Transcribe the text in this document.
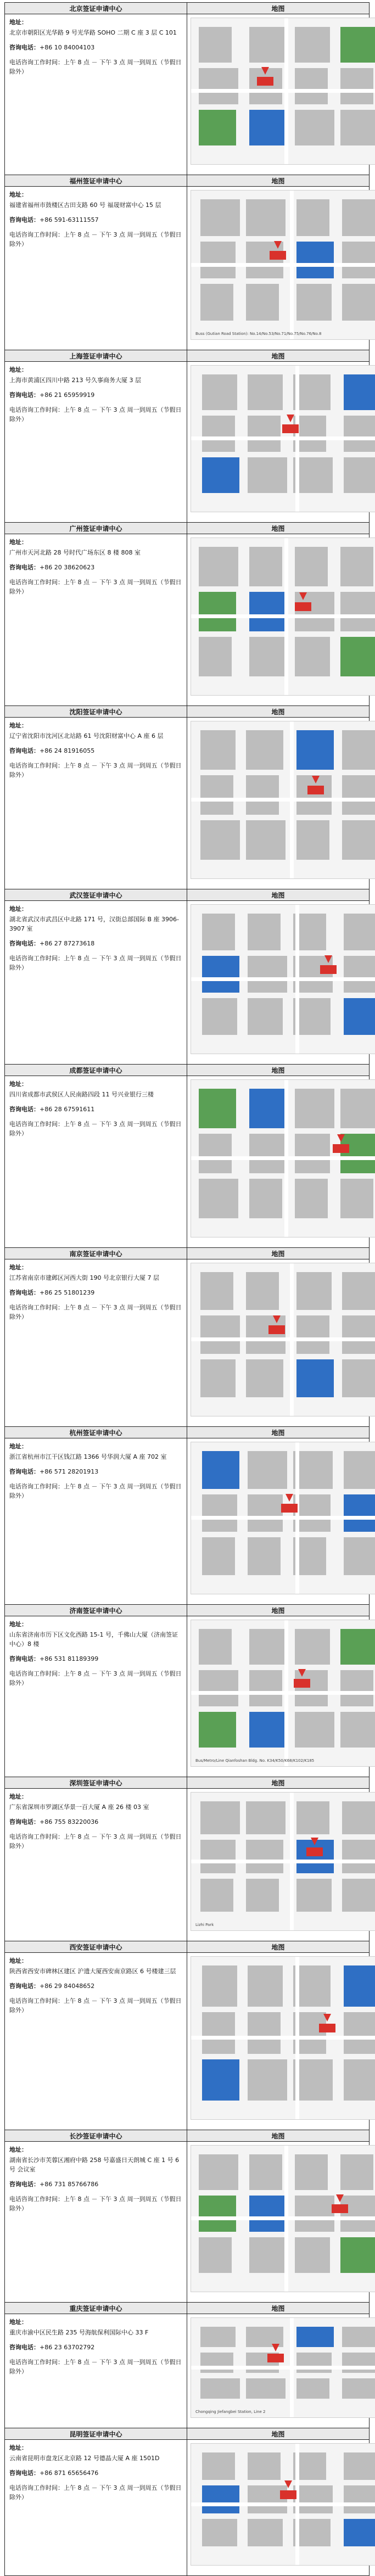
北京签证申请中心	地图

地址：

北京市朝阳区光华路 9 号光华路 SOHO 二期 C 座 3 层 C 101

咨询电话：+86 10 84004103

电话咨询工作时间：上午 8 点 － 下午 3 点 周一到周五（节假日除外）	

福州签证申请中心	地图

地址：

福建省福州市鼓楼区古田支路 60 号 福晟财富中心 15 层

咨询电话：+86 591-63111557

电话咨询工作时间：上午 8 点 － 下午 3 点 周一到周五（节假日除外）	Buss (Gutian Road Station): No.14/No.53/No.71/No.75/No.76/No.8

上海签证申请中心	地图

地址：

上海市黄浦区四川中路 213 号久事商务大厦 3 层

咨询电话：+86 21 65959919

电话咨询工作时间：上午 8 点 － 下午 3 点 周一到周五（节假日除外）	

广州签证申请中心	地图

地址：

广州市天河北路 28 号时代广场东区 8 楼 808 室

咨询电话：+86 20 38620623

电话咨询工作时间：上午 8 点 － 下午 3 点 周一到周五（节假日除外）	

沈阳签证申请中心	地图

地址：

辽宁省沈阳市沈河区北站路 61 号沈阳财富中心 A 座 6 层

咨询电话：+86 24 81916055

电话咨询工作时间：上午 8 点 － 下午 3 点 周一到周五（节假日除外）	

武汉签证申请中心	地图

地址：

湖北省武汉市武昌区中北路 171 号，汉街总部国际 B 座 3906-3907 室

咨询电话：+86 27 87273618

电话咨询工作时间：上午 8 点 － 下午 3 点 周一到周五（节假日除外）	

成都签证申请中心	地图

地址：

四川省成都市武侯区人民南路四段 11 号兴业银行三楼

咨询电话：+86 28 67591611

电话咨询工作时间：上午 8 点 － 下午 3 点 周一到周五（节假日除外）	

南京签证申请中心	地图

地址：

江苏省南京市建邺区河西大街 190 号北京银行大厦 7 层

咨询电话：+86 25 51801239

电话咨询工作时间：上午 8 点 － 下午 3 点 周一到周五（节假日除外）	

杭州签证申请中心	地图

地址：

浙江省杭州市江干区钱江路 1366 号华润大厦 A 座 702 室

咨询电话：+86 571 28201913

电话咨询工作时间：上午 8 点 － 下午 3 点 周一到周五（节假日除外）	

济南签证申请中心	地图

地址：

山东省济南市历下区文化西路 15-1 号，千佛山大厦（济南签证中心）8 楼

咨询电话：+86 531 81189399

电话咨询工作时间：上午 8 点 － 下午 3 点 周一到周五（节假日除外）	Bus/Metro/Line Qianfoshan Bldg. No. K34/K50/K68/K102/K185

深圳签证申请中心	地图

地址：

广东省深圳市罗湖区华景一百大厦 A 座 26 楼 03 室

咨询电话：+86 755 83220036

电话咨询工作时间：上午 8 点 － 下午 3 点 周一到周五（节假日除外）	Lizhi Park

西安签证申请中心	地图

地址：

陕西省西安市碑林区建区 沪遗大厦西安南京路区 6 号楼建三层

咨询电话：+86 29 84048652

电话咨询工作时间：上午 8 点 － 下午 3 点 周一到周五（节假日除外）	

长沙签证申请中心	地图

地址：

湖南省长沙市芙蓉区湘府中路 258 号嘉盛日天朗城 C 座 1 号 6 号 会议室

咨询电话：+86 731 85766786

电话咨询工作时间：上午 8 点 － 下午 3 点 周一到周五（节假日除外）	

重庆签证申请中心	地图

地址：

重庆市渝中区民生路 235 号海航保利国际中心 33 F

咨询电话：+86 23 63702792

电话咨询工作时间：上午 8 点 － 下午 3 点 周一到周五（节假日除外）	Chongqing Jiefangbei Station, Line 2

昆明签证申请中心	地图

地址：

云南省昆明市盘龙区北京路 12 号德晶大厦 A 座 1501D

咨询电话：+86 871 65656476

电话咨询工作时间：上午 8 点 － 下午 3 点 周一到周五（节假日除外）	
